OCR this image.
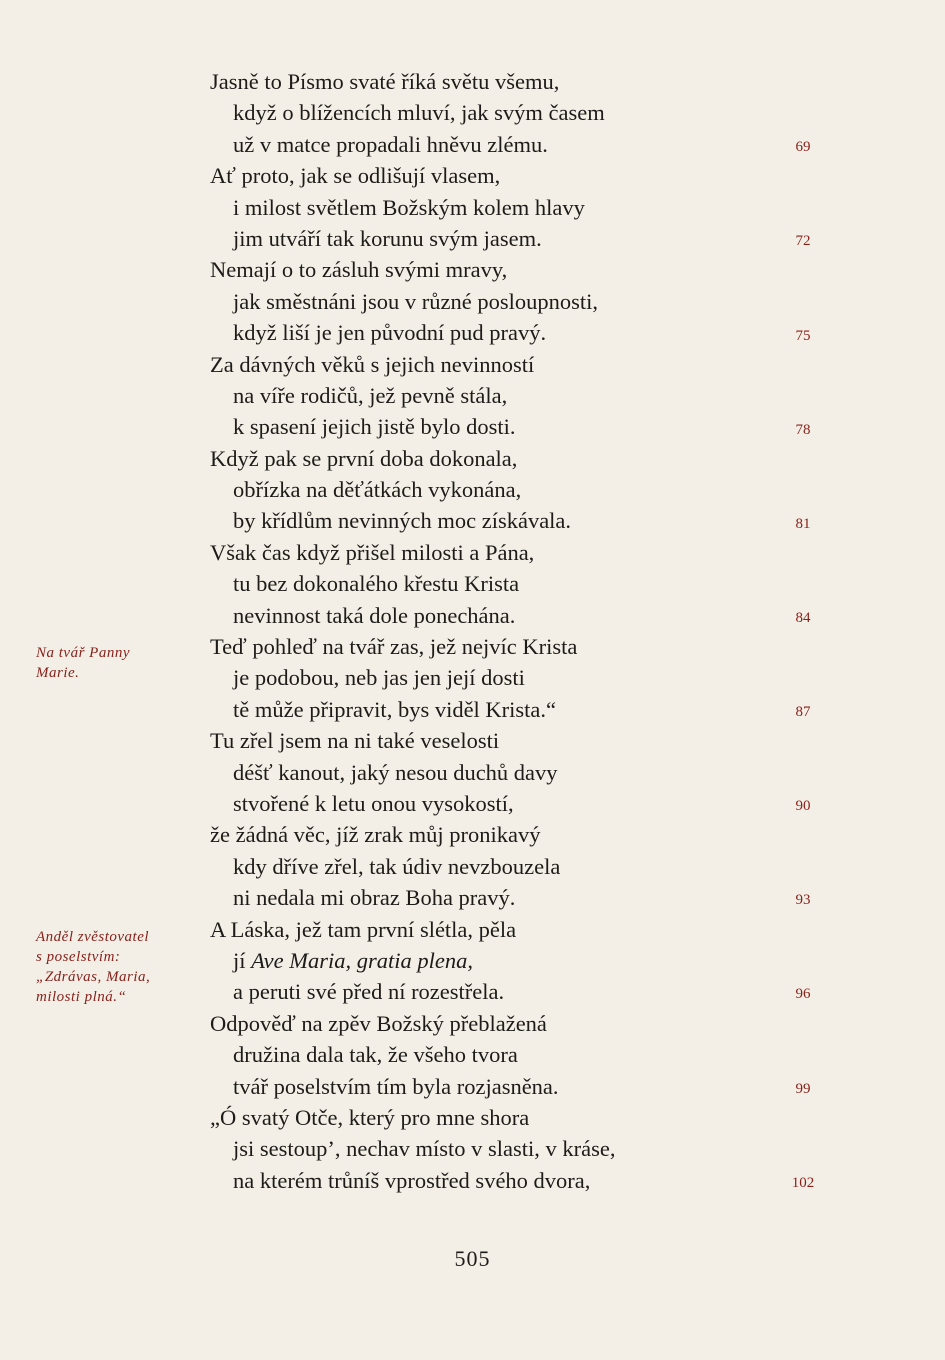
Jasně to Písmo svaté říká světu všemu,
když o blížencích mluví, jak svým časem
už v matce propadali hněvu zlému.
Ať proto, jak se odlišují vlasem,
i milost světlem Božským kolem hlavy
jim utváří tak korunu svým jasem.
Nemají o to zásluh svými mravy,
jak směstnáni jsou v různé posloupnosti,
když liší je jen původní pud pravý.
Za dávných věků s jejich nevinností
na víře rodičů, jež pevně stála,
k spasení jejich jistě bylo dosti.
Když pak se první doba dokonala,
obřízka na děťátkách vykonána,
by křídlům nevinných moc získávala.
Však čas když přišel milosti a Pána,
tu bez dokonalého křestu Krista
nevinnost taká dole ponechána.
Teď pohleď na tvář zas, jež nejvíc Krista
je podobou, neb jas jen její dosti
tě může připravit, bys viděl Krista.“
Tu zřel jsem na ni také veselosti
déšť kanout, jaký nesou duchů davy
stvořené k letu onou vysokostí,
že žádná věc, jíž zrak můj pronikavý
kdy dříve zřel, tak údiv nevzbouzela
ni nedala mi obraz Boha pravý.
A Láska, jež tam první slétla, pěla
jí Ave Maria, gratia plena,
a peruti své před ní rozestřela.
Odpověď na zpěv Božský přeblažená
družina dala tak, že všeho tvora
tvář poselstvím tím byla rozjasněna.
„Ó svatý Otče, který pro mne shora
jsi sestoup’, nechav místo v slasti, v kráse,
na kterém trůníš vprostřed svého dvora,
69
72
75
78
81
84
87
90
93
96
99
102
Na tvář Panny
Marie.
Anděl zvěstovatel
s poselstvím:
„Zdrávas, Maria,
milosti plná.“
505
